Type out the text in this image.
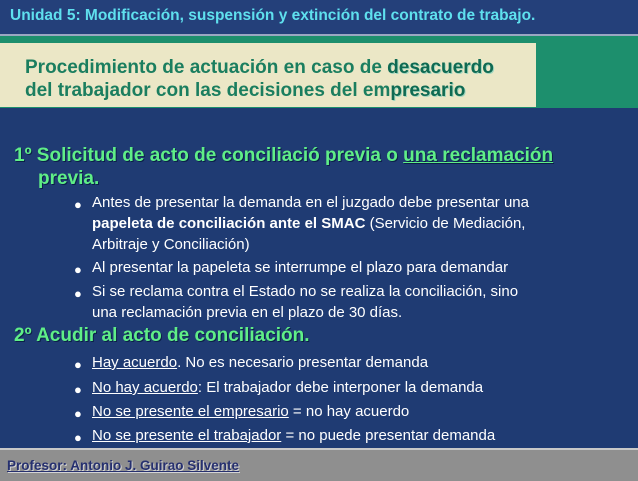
Unidad 5: Modificación, suspensión y extinción del contrato de trabajo.
Procedimiento de actuación en caso de desacuerdo
del trabajador con las decisiones del empresario
1º Solicitud de acto de conciliació previa o una reclamación
previa.
● Antes de presentar la demanda en el juzgado debe presentar una
papeleta de conciliación ante el SMAC (Servicio de Mediación,
Arbitraje y Conciliación)
● Al presentar la papeleta se interrumpe el plazo para demandar
● Si se reclama contra el Estado no se realiza la conciliación, sino
una reclamación previa en el plazo de 30 días.
2º Acudir al acto de conciliación.
● Hay acuerdo. No es necesario presentar demanda
● No hay acuerdo: El trabajador debe interponer la demanda
● No se presente el empresario = no hay acuerdo
● No se presente el trabajador = no puede presentar demanda
Profesor: Antonio J. Guirao Silvente
